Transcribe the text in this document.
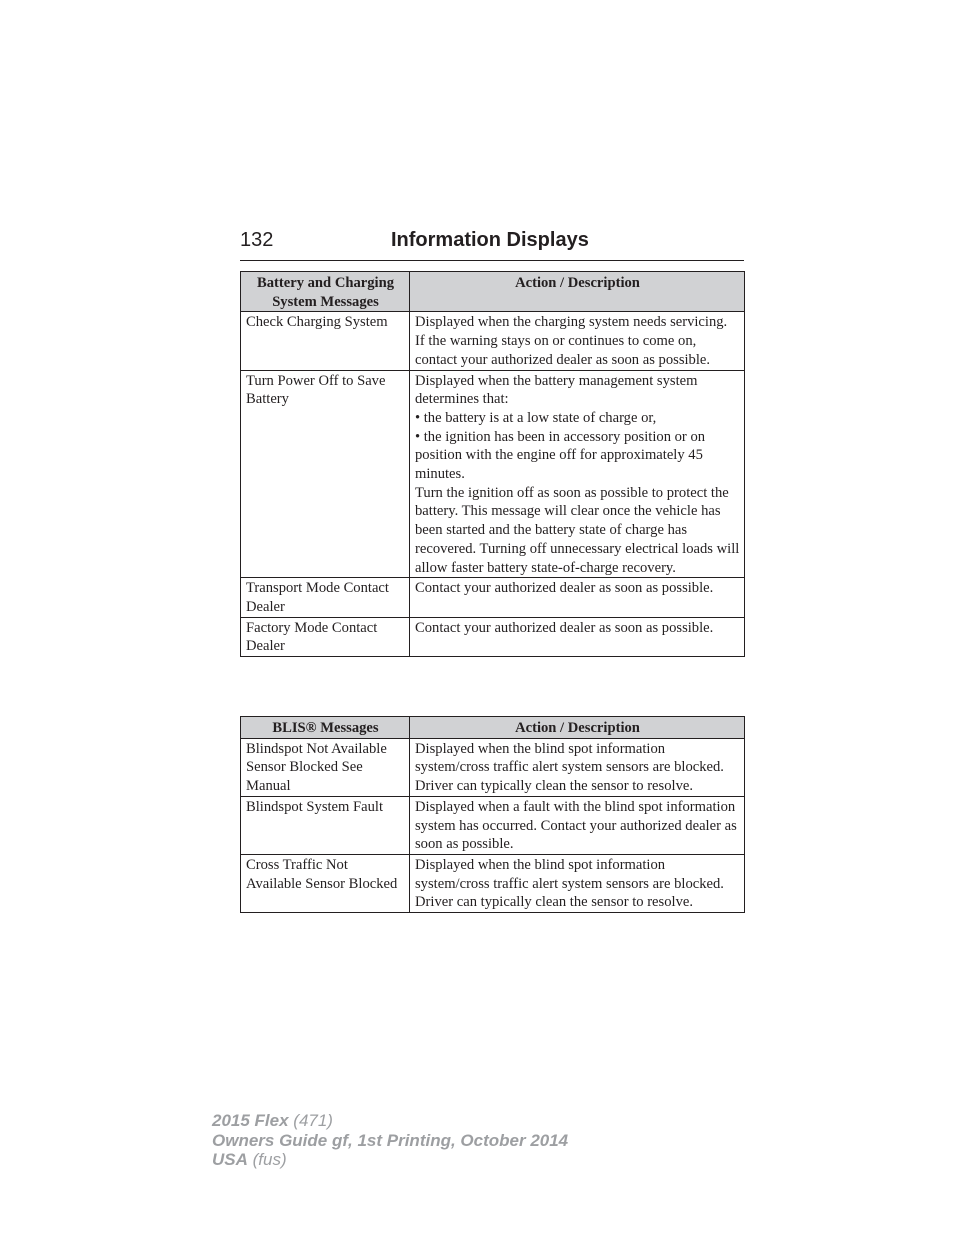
132	Information Displays
Battery and Charging System Messages	Action / Description
Check Charging System	Displayed when the charging system needs servicing. If the warning stays on or continues to come on, contact your authorized dealer as soon as possible.

Turn Power Off to Save Battery	Displayed when the battery management system determines that:
• the battery is at a low state of charge or,
• the ignition has been in accessory position or on position with the engine off for approximately 45 minutes.
Turn the ignition off as soon as possible to protect the battery. This message will clear once the vehicle has been started and the battery state of charge has recovered. Turning off unnecessary electrical loads will allow faster battery state-of-charge recovery.

Transport Mode Contact Dealer	Contact your authorized dealer as soon as possible.

Factory Mode Contact Dealer	Contact your authorized dealer as soon as possible.
BLIS® Messages	Action / Description
Blindspot Not Available Sensor Blocked See Manual	Displayed when the blind spot information system/cross traffic alert system sensors are blocked. Driver can typically clean the sensor to resolve.
Blindspot System Fault	Displayed when a fault with the blind spot information system has occurred. Contact your authorized dealer as soon as possible.
Cross Traffic Not Available Sensor Blocked	Displayed when the blind spot information system/cross traffic alert system sensors are blocked. Driver can typically clean the sensor to resolve.
2015 Flex (471)
Owners Guide gf, 1st Printing, October 2014
USA (fus)
